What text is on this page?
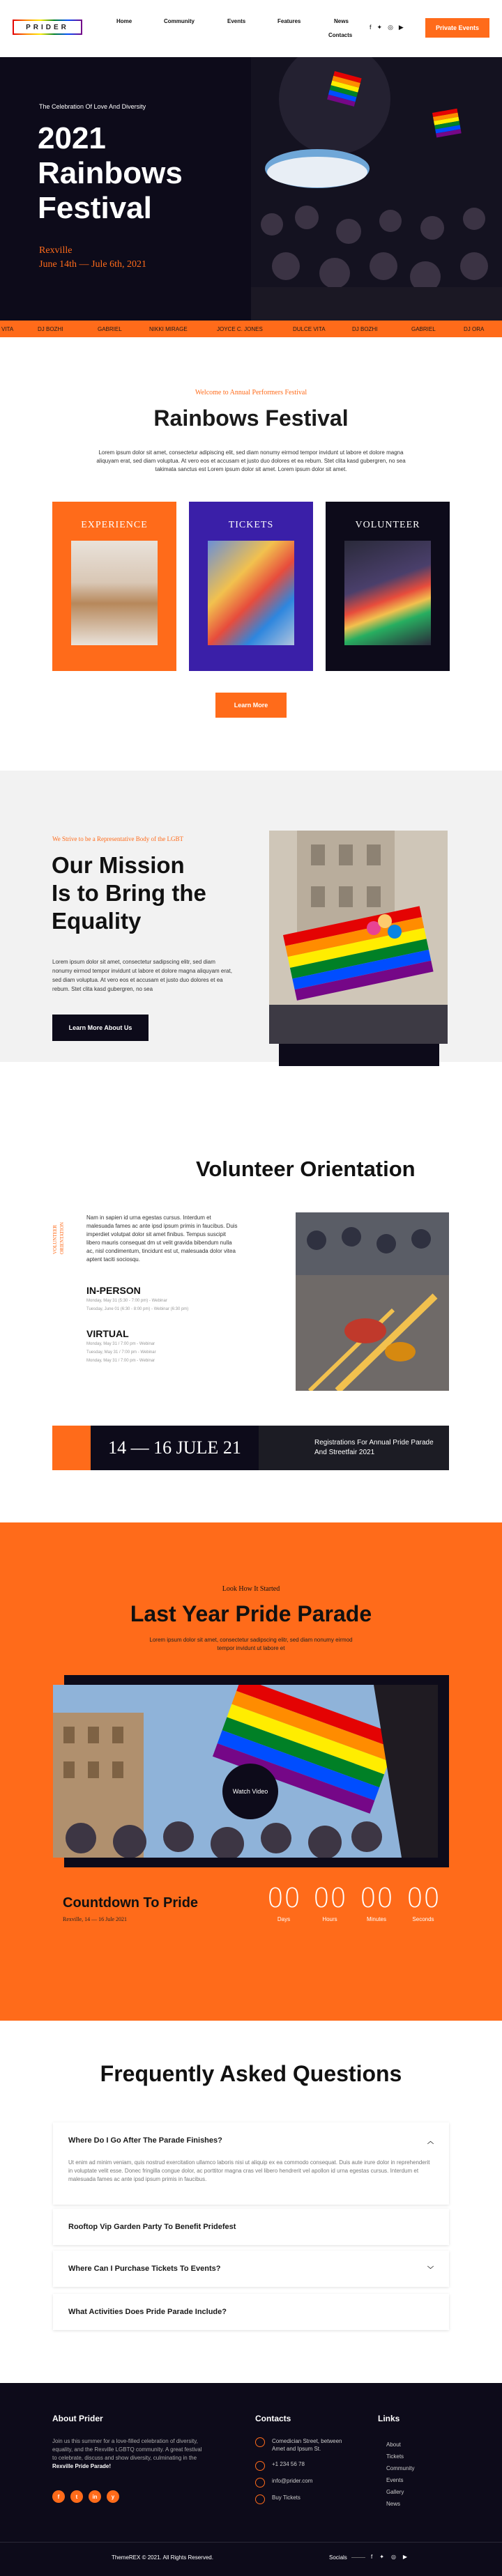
PRIDER
Home	Community	Events	Features	News
Contacts
f ✦ ◎ ▶	Private Events
The Celebration Of Love And Diversity
2021
Rainbows
Festival
Rexville
June 14th — Jule 6th, 2021
VITA	DJ BOZHI	GABRIEL	NIKKI MIRAGE	JOYCE C. JONES	DULCE VITA	DJ BOZHI	GABRIEL	DJ ORA
Welcome to Annual Performers Festival
Rainbows Festival
Lorem ipsum dolor sit amet, consectetur adipiscing elit, sed diam nonumy eirmod tempor invidunt ut labore et dolore magna aliquyam erat, sed diam voluptua. At vero eos et accusam et justo duo dolores et ea rebum. Stet clita kasd gubergren, no sea takimata sanctus est Lorem ipsum dolor sit amet. Lorem ipsum dolor sit amet.
EXPERIENCE	TICKETS	VOLUNTEER
Learn More
We Strive to be a Representative Body of the LGBT
Our Mission
Is to Bring the
Equality
Lorem ipsum dolor sit amet, consectetur sadipscing elitr, sed diam nonumy eirmod tempor invidunt ut labore et dolore magna aliquyam erat, sed diam voluptua. At vero eos et accusam et justo duo dolores et ea rebum. Stet clita kasd gubergren, no sea
Learn More About Us
Volunteer Orientation
VOLUNTEER ORIENTATION
Nam in sapien id urna egestas cursus. Interdum et malesuada fames ac ante ipsd ipsum primis in faucibus. Duis imperdiet volutpat dolor sit amet finibus. Tempus suscipit libero mauris consequat dm ut velit gravida bibendum nulla ac, nisl condimentum, tincidunt est ut, malesuada dolor vitea aptent taciti sociosqu.
IN-PERSON
Monday, May 31 (5:30 - 7:00 pm) - Webinar
Tuesday, June 01 (6:30 - 8:00 pm) - Webinar (6:30 pm)
VIRTUAL
Monday, May 31 / 7:00 pm - Webinar
Tuesday, May 31 / 7:00 pm - Webinar
Monday, May 31 / 7:00 pm - Webinar
14 — 16 JULE 21	Registrations For Annual Pride Parade And Streetfair 2021
Look How It Started
Last Year Pride Parade
Lorem ipsum dolor sit amet, consectetur sadipscing elitr, sed diam nonumy eirmod tempor invidunt ut labore et
Watch Video
Countdown To Pride
Rexville, 14 — 16 Jule 2021
00
Days
00
Hours
00
Minutes
00
Seconds
Frequently Asked Questions
Where Do I Go After The Parade Finishes?	︿
Ut enim ad minim veniam, quis nostrud exercitation ullamco laboris nisi ut aliquip ex ea commodo consequat. Duis aute irure dolor in reprehenderit in voluptate velit esse. Donec fringilla congue dolor, ac porttitor magna cras vel libero hendrerit vel apollon id urna egestas cursus. Interdum et malesuada fames ac ante ipsd ipsum primis in faucibus.
Rooftop Vip Garden Party To Benefit Pridefest
Where Can I Purchase Tickets To Events?	﹀
What Activities Does Pride Parade Include?
About Prider
Join us this summer for a love-filled celebration of diversity, equality, and the Rexville LGBTQ community. A great festival to celebrate, discuss and show diversity, culminating in the Rexville Pride Parade!
f	t	in	y
Contacts
Comedician Street, between Amet and Ipsum St.
+1 234 56 78
info@prider.com
Buy Tickets
Links
About
Tickets
Community
Events
Gallery
News
ThemeREX © 2021. All Rights Reserved.	Socials	f ✦ ◎ ▶
